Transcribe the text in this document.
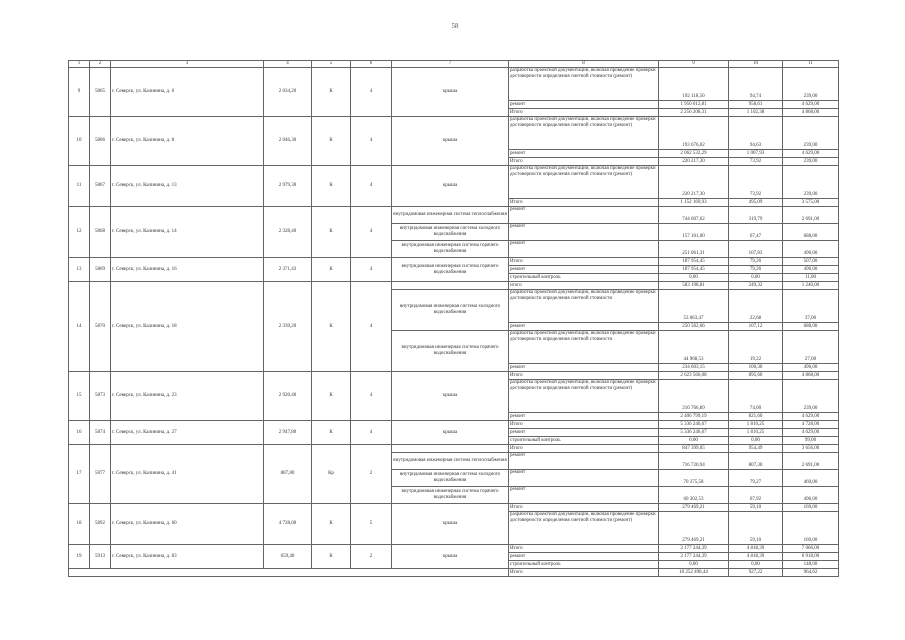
58
1	2	3	4	5	6	7	8	9	10	11
9	5865	г. Северск, ул. Калинина, д. 6	2 034,20	К	4	крыша	разработка проектной документации, включая проведение проверки достоверности определения сметной стоимости (ремонт)	192 118,50	94,74	239,00
							ремонт	1 950 012,81	958,61	4 629,00
							Итого	2 256 208,31	1 102,38	4 868,00
10	5866	г. Северск, ул. Калинина, д. 8	2 046,30	К	4	крыша	разработка проектной документации, включая проведение проверки достоверности определения сметной стоимости (ремонт)	193 676,02	94,63	239,00
							ремонт	2 062 532,29	1 007,93	4 629,00
							Итого	220 217,30	73,92	239,00
11	5867	г. Северск, ул. Калинина, д. 13	2 979,30	К	4	крыша	разработка проектной документации, включая проведение проверки достоверности определения сметной стоимости (ремонт)	220 217,30	73,92	239,00
							Итого	1 152 169,93	495,09	3 575,00
12	5868	г. Северск, ул. Калинина, д. 14	2 328,40	К	4	внутридомовая инженерная система теплоснабжения	ремонт	744 607,62	319,79	2 691,00
						внутридомовая инженерная система холодного водоснабжения	ремонт	157 101,00	67,47	688,00
						внутридомовая инженерная система горячего водоснабжения	ремонт	251 061,31	107,83	496,00
13	5869	г. Северск, ул. Калинина, д. 16	2 371,43	К	4	внутридомовая инженерная система горячего водоснабжения	Итого	187 954,45	79,26	507,00
							ремонт	187 954,45	79,26	496,00
							строительный контроль	0,00	0,00	11,00
14	5870	г. Северск, ул. Калинина, д. 18	2 339,20	К	4		итого	583 198,81	249,32	1 240,00
						внутридомовая инженерная система холодного водоснабжения	разработка проектной документации, включая проведение проверки достоверности определения сметной стоимости	53 063,47	22,68	37,00
							ремонт	250 562,66	107,12	688,00
						внутридомовая инженерная система горячего водоснабжения	разработка проектной документации, включая проведение проверки достоверности определения сметной стоимости	44 968,53	19,22	27,00
							ремонт	234 603,15	100,30	496,00
15	5873	г. Северск, ул. Калинина, д. 23	2 920,40	К	4	крыша	Итого	2 623 566,08	895,60	4 868,00
							разработка проектной документации, включая проведение проверки достоверности определения сметной стоимости (ремонт)	216 766,89	74,00	239,00
							ремонт	2 406 799,19	821,60	4 629,00
16	5874	г. Северск, ул. Калинина, д. 27	2 947,80	К	4	крыша	Итого	5 336 246,67	1 810,25	4 728,00
							ремонт	5 336 246,67	1 810,25	4 629,00
							строительный контроль	0,00	0,00	99,00
17	5877	г. Северск, ул. Калинина, д. 41	887,80	Кр	2		Итого	847 399,05	954,49	3 656,00
						внутридомовая инженерная система теплоснабжения	ремонт	716 720,94	807,30	2 691,00
						внутридомовая инженерная система холодного водоснабжения	ремонт	70 375,58	79,27	469,00
						внутридомовая инженерная система горячего водоснабжения	ремонт	60 302,53	67,92	496,00
18	5892	г. Северск, ул. Калинина, д. 60	4 728,00	К	5	крыша	Итого	279 469,21	59,10	169,00
							разработка проектной документации, включая проведение проверки достоверности определения сметной стоимости (ремонт)	279 469,21	59,10	169,00
19	5913	г. Северск, ул. Калинина, д. 83	659,40	К	2	крыша	Итого	3 177 244,39	4 818,39	7 066,00
							ремонт	3 177 244,39	4 818,39	6 918,00
							строительный контроль	0,00	0,00	148,00
							Итого	10 252 498,44	927,22	964,62
